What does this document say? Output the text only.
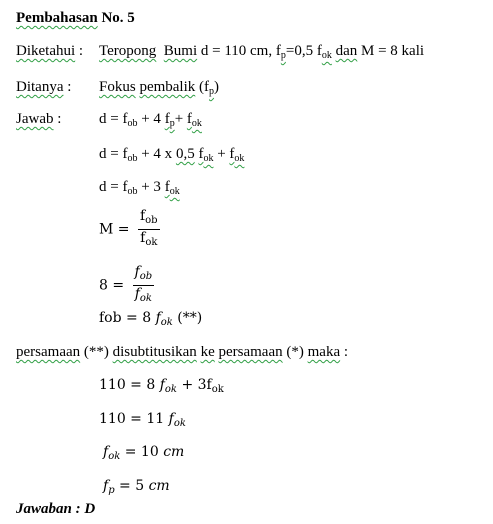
Pembahasan No. 5
Diketahui : Teropong Bumi d = 110 cm, $f_p=0,5$ $f_{ok}$ dan M = 8 kali
Ditanya : Fokus pembalik $(f_p)$
Jawab :	$d = f_{ob} + 4$ $f_p+ f_{ok}$
$d = f_{ob} + 4$ x 0,5 $f_{ok} + f_{ok}$
$d = f_{ob} + 3$ $f_{ok}$
$M = \frac{f_{ob}}{f_{ok}}$
$8 = \frac{f_{ob}}{f_{ok}}$
fob = 8 $f_{ok}$ (**)
persamaan (**) disubtitusikan ke persamaan (*) maka :
110 = 8 $f_{ok} + 3f_{ok}$
110 = 11 $f_{ok}$
$f_{ok} = 10$ cm
$f_p = 5$ cm
Jawaban : D
